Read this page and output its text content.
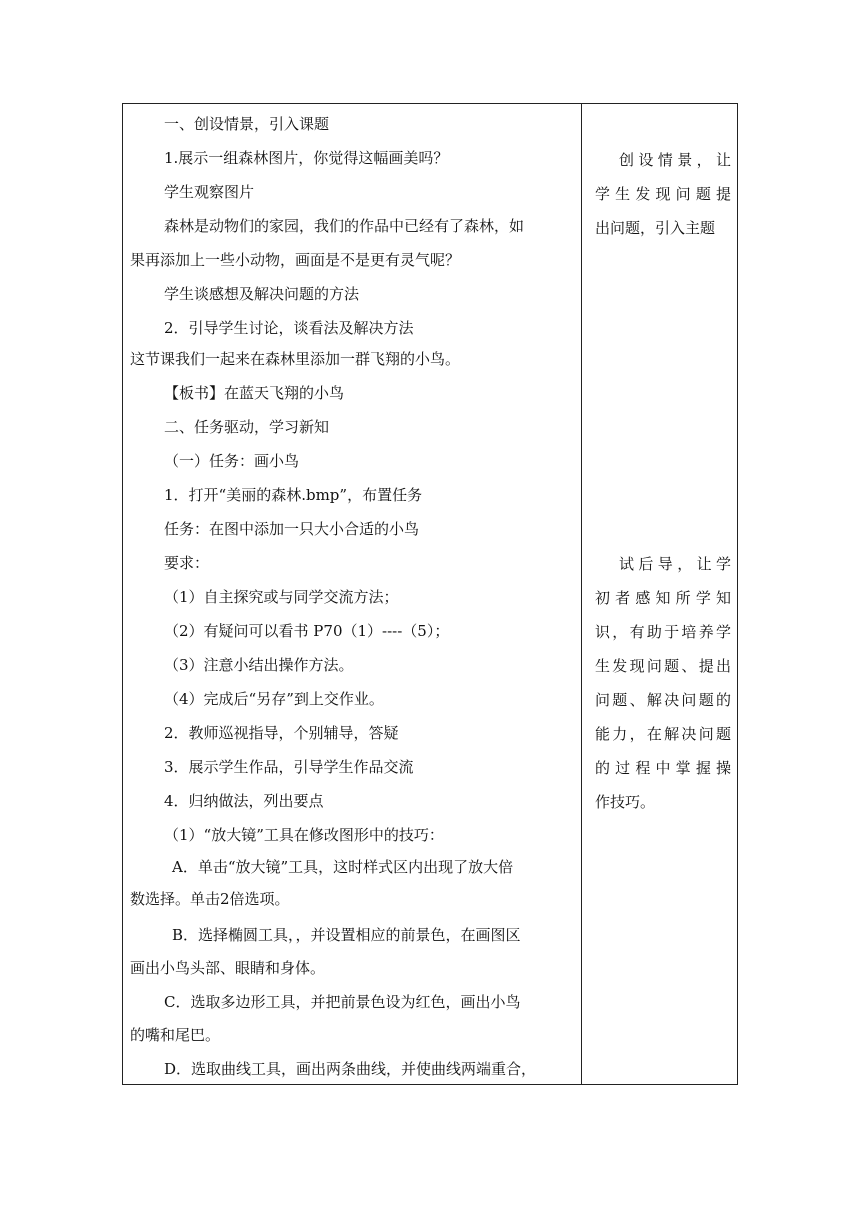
一、创设情景，引入课题
1.展示一组森林图片，你觉得这幅画美吗？
学生观察图片
森林是动物们的家园，我们的作品中已经有了森林，如
果再添加上一些小动物，画面是不是更有灵气呢？
学生谈感想及解决问题的方法
2．引导学生讨论，谈看法及解决方法
这节课我们一起来在森林里添加一群飞翔的小鸟。
【板书】在蓝天飞翔的小鸟
二、任务驱动，学习新知
（一）任务：画小鸟
1．打开“美丽的森林.bmp”，布置任务
任务：在图中添加一只大小合适的小鸟
要求：
（1）自主探究或与同学交流方法；
（2）有疑问可以看书 P70（1）----（5）；
（3）注意小结出操作方法。
（4）完成后“另存”到上交作业。
2．教师巡视指导，个别辅导，答疑
3．展示学生作品，引导学生作品交流
4．归纳做法，列出要点
（1）“放大镜”工具在修改图形中的技巧：
A．单击“放大镜”工具，这时样式区内出现了放大倍
数选择。单击2倍选项。
B．选择椭圆工具，，并设置相应的前景色，在画图区
画出小鸟头部、眼睛和身体。
C．选取多边形工具，并把前景色设为红色，画出小鸟
的嘴和尾巴。
D．选取曲线工具，画出两条曲线，并使曲线两端重合，
创设情景，让
学生发现问题提
出问题，引入主题
试后导，让学
初者感知所学知
识，有助于培养学
生发现问题、提出
问题、解决问题的
能力，在解决问题
的过程中掌握操
作技巧。
